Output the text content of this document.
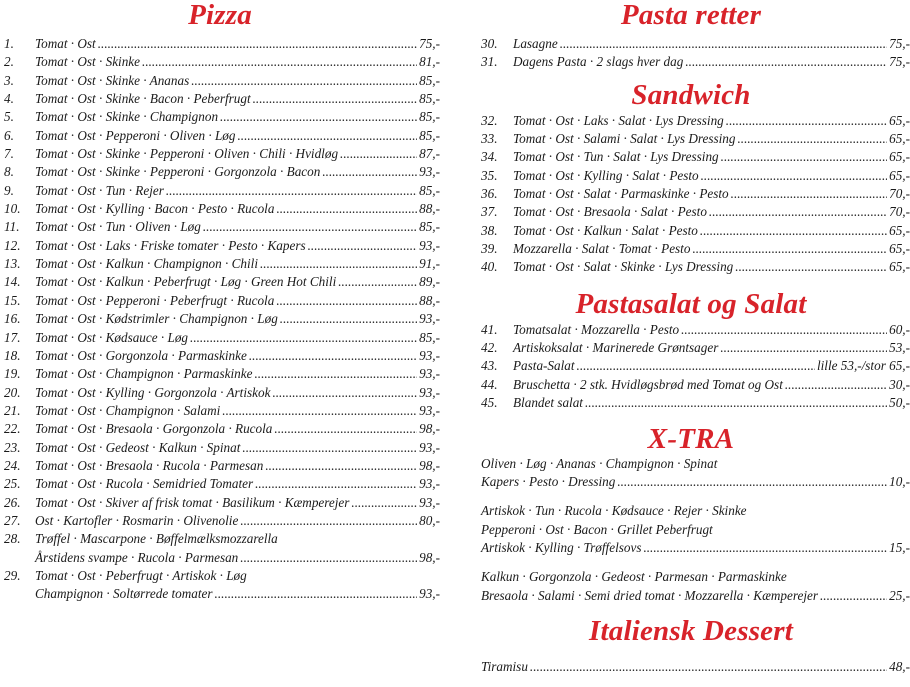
Pizza
1.	Tomat · Ost .....	75,-
2.	Tomat · Ost · Skinke .....	81,-
3.	Tomat · Ost · Skinke · Ananas .....	85,-
4.	Tomat · Ost · Skinke · Bacon · Peberfrugt .....	85,-
5.	Tomat · Ost · Skinke · Champignon .....	85,-
6.	Tomat · Ost · Pepperoni · Oliven · Løg .....	85,-
7.	Tomat · Ost · Skinke · Pepperoni · Oliven · Chili · Hvidløg .....	87,-
8.	Tomat · Ost · Skinke · Pepperoni · Gorgonzola · Bacon .....	93,-
9.	Tomat · Ost · Tun · Rejer .....	85,-
10.	Tomat · Ost · Kylling · Bacon · Pesto · Rucola .....	88,-
11.	Tomat · Ost · Tun · Oliven · Løg .....	85,-
12.	Tomat · Ost · Laks · Friske tomater · Pesto · Kapers .....	93,-
13.	Tomat · Ost · Kalkun · Champignon · Chili .....	91,-
14.	Tomat · Ost · Kalkun · Peberfrugt · Løg · Green Hot Chili .....	89,-
15.	Tomat · Ost · Pepperoni · Peberfrugt · Rucola .....	88,-
16.	Tomat · Ost · Kødstrimler · Champignon · Løg .....	93,-
17.	Tomat · Ost · Kødsauce · Løg .....	85,-
18.	Tomat · Ost · Gorgonzola · Parmaskinke .....	93,-
19.	Tomat · Ost · Champignon · Parmaskinke .....	93,-
20.	Tomat · Ost · Kylling · Gorgonzola · Artiskok .....	93,-
21.	Tomat · Ost · Champignon · Salami .....	93,-
22.	Tomat · Ost · Bresaola · Gorgonzola · Rucola .....	98,-
23.	Tomat · Ost · Gedeost · Kalkun · Spinat .....	93,-
24.	Tomat · Ost · Bresaola · Rucola · Parmesan .....	98,-
25.	Tomat · Ost · Rucola · Semidried Tomater .....	93,-
26.	Tomat · Ost · Skiver af frisk tomat · Basilikum · Kæmperejer .....	93,-
27.	Ost · Kartofler · Rosmarin · Olivenolie .....	80,-
28.	Trøffel · Mascarpone · Bøffelmælksmozzarella
Årstidens svampe · Rucola · Parmesan .....	98,-
29.	Tomat · Ost · Peberfrugt · Artiskok · Løg
Champignon · Soltørrede tomater .....	93,-
Pasta retter
30.	Lasagne .....	75,-
31.	Dagens Pasta · 2 slags hver dag .....	75,-
Sandwich
32.	Tomat · Ost · Laks · Salat · Lys Dressing .....	65,-
33.	Tomat · Ost · Salami · Salat · Lys Dressing .....	65,-
34.	Tomat · Ost · Tun · Salat · Lys Dressing .....	65,-
35.	Tomat · Ost · Kylling · Salat · Pesto .....	65,-
36.	Tomat · Ost · Salat · Parmaskinke · Pesto .....	70,-
37.	Tomat · Ost · Bresaola · Salat · Pesto .....	70,-
38.	Tomat · Ost · Kalkun · Salat · Pesto .....	65,-
39.	Mozzarella · Salat · Tomat · Pesto .....	65,-
40.	Tomat · Ost · Salat · Skinke · Lys Dressing .....	65,-
Pastasalat og Salat
41.	Tomatsalat · Mozzarella · Pesto .....	60,-
42.	Artiskoksalat · Marinerede Grøntsager .....	53,-
43.	Pasta-Salat .....	lille 53,-/stor 65,-
44.	Bruschetta · 2 stk. Hvidløgsbrød med Tomat og Ost .....	30,-
45.	Blandet salat .....	50,-
X-TRA
Oliven · Løg · Ananas · Champignon · Spinat
Kapers · Pesto · Dressing .....	10,-
Artiskok · Tun · Rucola · Kødsauce · Rejer · Skinke
Pepperoni · Ost · Bacon · Grillet Peberfrugt
Artiskok · Kylling · Trøffelsovs .....	15,-
Kalkun · Gorgonzola · Gedeost · Parmesan · Parmaskinke
Bresaola · Salami · Semi dried tomat · Mozzarella · Kæmperejer .....	25,-
Italiensk Dessert
Tiramisu .....	48,-
